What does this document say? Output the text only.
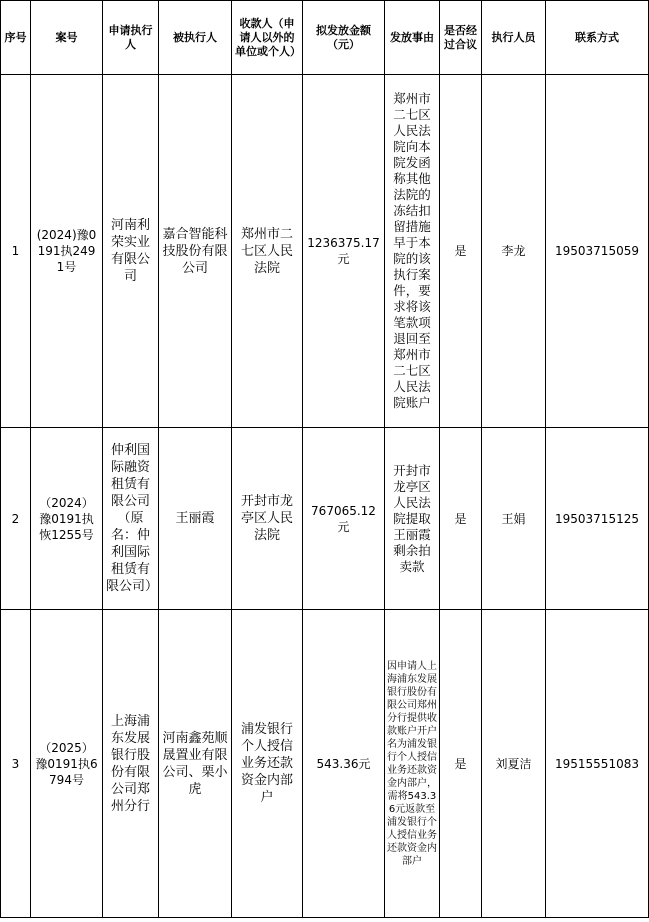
序号	案号	申请执行人	被执行人	收款人（申请人以外的单位或个人）	拟发放金额（元）	发放事由	是否经过合议	执行人员	联系方式
1	(2024)豫0191执2491号	河南利荣实业有限公司	嘉合智能科技股份有限公司	郑州市二七区人民法院	1236375.17元	郑州市二七区人民法院向本院发函称其他法院的冻结扣留措施早于本院的该执行案件，要求将该笔款项退回至郑州市二七区人民法院账户	是	李龙	19503715059
2	（2024）豫0191执恢1255号	仲利国际融资租赁有限公司（原名：仲利国际租赁有限公司）	王丽霞	开封市龙亭区人民法院	767065.12元	开封市龙亭区人民法院提取王丽霞剩余拍卖款	是	王娟	19503715125
3	（2025）豫0191执6794号	上海浦东发展银行股份有限公司郑州分行	河南鑫苑顺晟置业有限公司、栗小虎	浦发银行个人授信业务还款资金内部户	543.36元	因申请人上海浦东发展银行股份有限公司郑州分行提供收款账户开户名为浦发银行个人授信业务还款资金内部户，需将543.36元返款至浦发银行个人授信业务还款资金内部户	是	刘夏洁	19515551083
